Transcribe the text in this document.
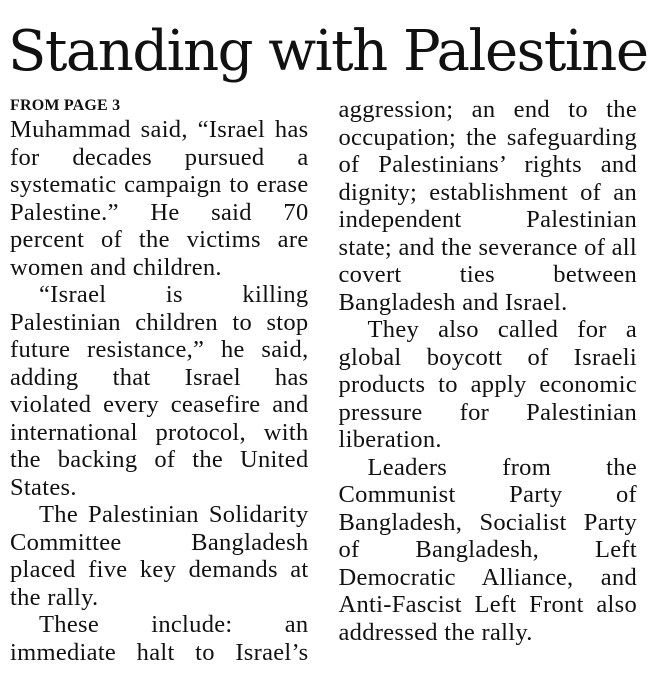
Standing with Palestine
FROM PAGE 3

Muhammad said, “Israel has for decades pursued a systematic campaign to erase Palestine.” He said 70 percent of the victims are women and children.

“Israel is killing Palestinian children to stop future resistance,” he said, adding that Israel has violated every ceasefire and international protocol, with the backing of the United States.

The Palestinian Solidarity Committee Bangladesh placed five key demands at the rally.

These include: an immediate halt to Israel’s aggression; an end to the occupation; the safeguarding of Palestinians’ rights and dignity; establishment of an independent Palestinian state; and the severance of all covert ties between Bangladesh and Israel.

They also called for a global boycott of Israeli products to apply economic pressure for Palestinian liberation.

Leaders from the Communist Party of Bangladesh, Socialist Party of Bangladesh, Left Democratic Alliance, and Anti-Fascist Left Front also addressed the rally.
